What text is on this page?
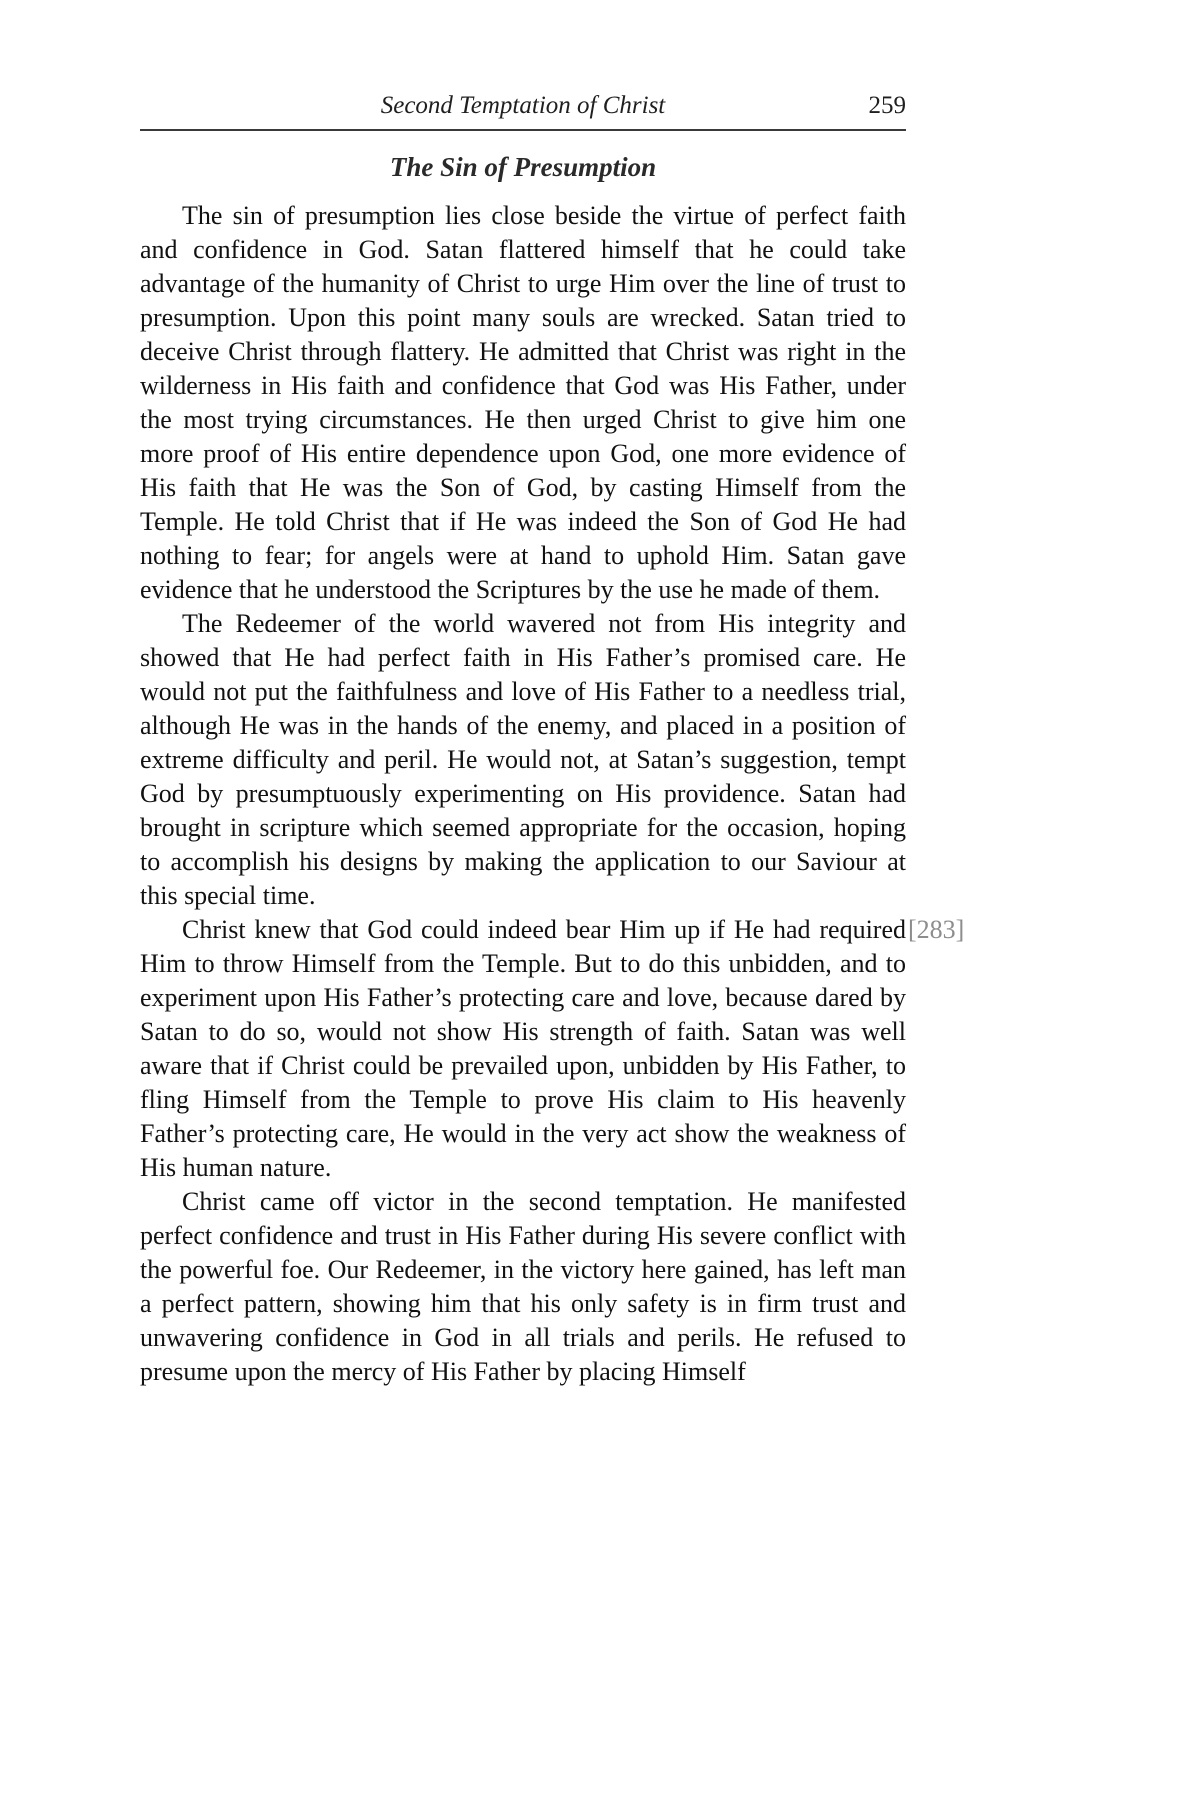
Second Temptation of Christ	259
The Sin of Presumption

The sin of presumption lies close beside the virtue of perfect faith and confidence in God. Satan flattered himself that he could take advantage of the humanity of Christ to urge Him over the line of trust to presumption. Upon this point many souls are wrecked. Satan tried to deceive Christ through flattery. He admitted that Christ was right in the wilderness in His faith and confidence that God was His Father, under the most trying circumstances. He then urged Christ to give him one more proof of His entire dependence upon God, one more evidence of His faith that He was the Son of God, by casting Himself from the Temple. He told Christ that if He was indeed the Son of God He had nothing to fear; for angels were at hand to uphold Him. Satan gave evidence that he understood the Scriptures by the use he made of them.

The Redeemer of the world wavered not from His integrity and showed that He had perfect faith in His Father’s promised care. He would not put the faithfulness and love of His Father to a needless trial, although He was in the hands of the enemy, and placed in a position of extreme difficulty and peril. He would not, at Satan’s suggestion, tempt God by presumptuously experimenting on His providence. Satan had brought in scripture which seemed appropriate for the occasion, hoping to accomplish his designs by making the application to our Saviour at this special time.

[283]

Christ knew that God could indeed bear Him up if He had required Him to throw Himself from the Temple. But to do this unbidden, and to experiment upon His Father’s protecting care and love, because dared by Satan to do so, would not show His strength of faith. Satan was well aware that if Christ could be prevailed upon, unbidden by His Father, to fling Himself from the Temple to prove His claim to His heavenly Father’s protecting care, He would in the very act show the weakness of His human nature.

Christ came off victor in the second temptation. He manifested perfect confidence and trust in His Father during His severe conflict with the powerful foe. Our Redeemer, in the victory here gained, has left man a perfect pattern, showing him that his only safety is in firm trust and unwavering confidence in God in all trials and perils. He refused to presume upon the mercy of His Father by placing Himself
